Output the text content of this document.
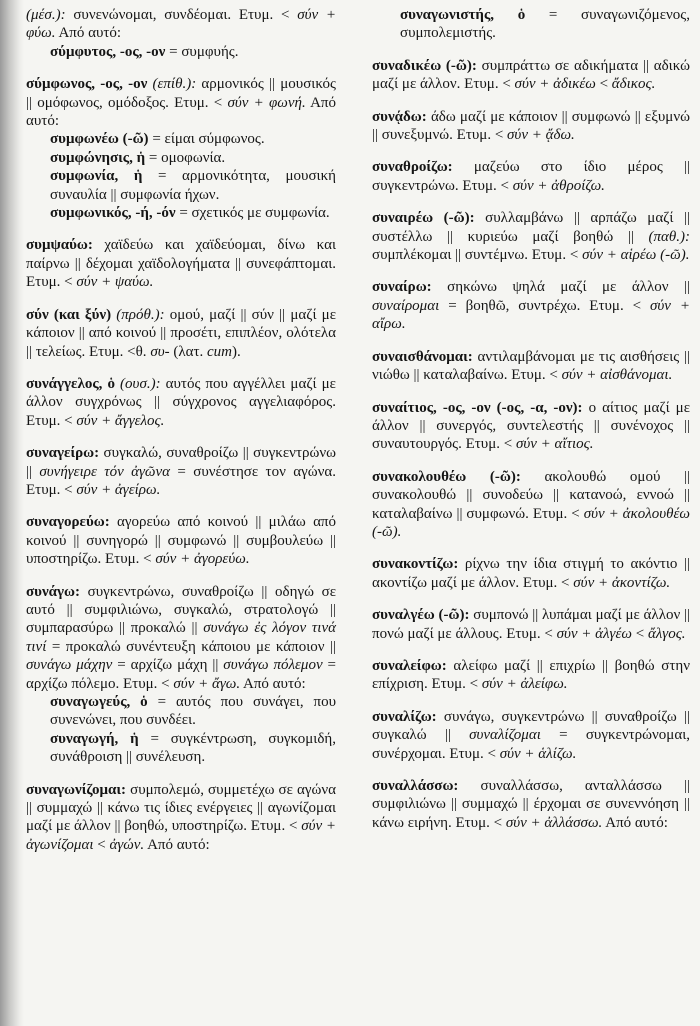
(μέσ.): συνενώνομαι, συνδέομαι. Ετυμ. < σύν + φύω. Από αυτό:
σύμφυτος, -ος, -ον = συμφυής.
σύμφωνος, -ος, -ον (επίθ.): αρμονικός || μουσικός || ομόφωνος, ομόδοξος. Ετυμ. < σύν + φωνή. Από αυτό:
συμφωνέω (-ῶ) = είμαι σύμφωνος.
συμφώνησις, ἡ = ομοφωνία.
συμφωνία, ἡ = αρμονικότητα, μουσική συναυλία || συμφωνία ήχων.
συμφωνικός, -ή, -όν = σχετικός με συμφωνία.
συμψαύω: χαϊδεύω και χαϊδεύομαι, δίνω και παίρνω || δέχομαι χαϊδολογήματα || συνεφάπτομαι. Ετυμ. < σύν + ψαύω.
σύν (και ξύν) (πρόθ.): ομού, μαζί || σύν || μαζί με κάποιον || από κοινού || προσέτι, επιπλέον, ολότελα || τελείως. Ετυμ. <θ. συ- (λατ. cum).
συνάγγελος, ὁ (ουσ.): αυτός που αγγέλλει μαζί με άλλον συγχρόνως || σύγχρονος αγγελιαφόρος. Ετυμ. < σύν + ἄγγελος.
συναγείρω: συγκαλώ, συναθροίζω || συγκεντρώνω || συνήγειρε τόν ἀγῶνα = συνέστησε τον αγώνα. Ετυμ. < σύν + ἀγείρω.
συναγορεύω: αγορεύω από κοινού || μιλάω από κοινού || συνηγορώ || συμφωνώ || συμβουλεύω || υποστηρίζω. Ετυμ. < σύν + ἀγορεύω.
συνάγω: συγκεντρώνω, συναθροίζω || οδηγώ σε αυτό || συμφιλιώνω, συγκαλώ, στρατολογώ || συμπαρασύρω || προκαλώ || συνάγω ἐς λόγον τινά τινί = προκαλώ συνέντευξη κάποιου με κάποιον || συνάγω μάχην = αρχίζω μάχη || συνάγω πόλεμον = αρχίζω πόλεμο. Ετυμ. < σύν + ἄγω. Από αυτό:
συναγωγεύς, ὁ = αυτός που συνάγει, που συνενώνει, που συνδέει.
συναγωγή, ἡ = συγκέντρωση, συγκομιδή, συνάθροιση || συνέλευση.
συναγωνίζομαι: συμπολεμώ, συμμετέχω σε αγώνα || συμμαχώ || κάνω τις ίδιες ενέργειες || αγωνίζομαι μαζί με άλλον || βοηθώ, υποστηρίζω. Ετυμ. < σύν + ἀγωνίζομαι < ἀγών. Από αυτό:
συναγωνιστής, ὁ = συναγωνιζόμενος, συμπολεμιστής.
συναδικέω (-ῶ): συμπράττω σε αδικήματα || αδικώ μαζί με άλλον. Ετυμ. < σύν + ἀδικέω < ἄδικος.
συνᾴδω: άδω μαζί με κάποιον || συμφωνώ || εξυμνώ || συνεξυμνώ. Ετυμ. < σύν + ᾄδω.
συναθροίζω: μαζεύω στο ίδιο μέρος || συγκεντρώνω. Ετυμ. < σύν + ἀθροίζω.
συναιρέω (-ῶ): συλλαμβάνω || αρπάζω μαζί || συστέλλω || κυριεύω μαζί βοηθώ || (παθ.): συμπλέκομαι || συντέμνω. Ετυμ. < σύν + αἱρέω (-ῶ).
συναίρω: σηκώνω ψηλά μαζί με άλλον || συναίρομαι = βοηθῶ, συντρέχω. Ετυμ. < σύν + αἴρω.
συναισθάνομαι: αντιλαμβάνομαι με τις αισθήσεις || νιώθω || καταλαβαίνω. Ετυμ. < σύν + αἰσθάνομαι.
συναίτιος, -ος, -ον (-ος, -α, -ον): ο αίτιος μαζί με άλλον || συνεργός, συντελεστής || συνένοχος || συναυτουργός. Ετυμ. < σύν + αἴτιος.
συνακολουθέω (-ῶ): ακολουθώ ομού || συνακολουθώ || συνοδεύω || κατανοώ, εννοώ || καταλαβαίνω || συμφωνώ. Ετυμ. < σύν + ἀκολουθέω (-ῶ).
συνακοντίζω: ρίχνω την ίδια στιγμή το ακόντιο || ακοντίζω μαζί με άλλον. Ετυμ. < σύν + ἀκοντίζω.
συναλγέω (-ῶ): συμπονώ || λυπάμαι μαζί με άλλον || πονώ μαζί με άλλους. Ετυμ. < σύν + ἀλγέω < ἄλγος.
συναλείφω: αλείφω μαζί || επιχρίω || βοηθώ στην επίχριση. Ετυμ. < σύν + ἀλείφω.
συναλίζω: συνάγω, συγκεντρώνω || συναθροίζω || συγκαλώ || συναλίζομαι = συγκεντρώνομαι, συνέρχομαι. Ετυμ. < σύν + ἁλίζω.
συναλλάσσω: συναλλάσσω, ανταλλάσσω || συμφιλιώνω || συμμαχώ || έρχομαι σε συνεννόηση || κάνω ειρήνη. Ετυμ. < σύν + ἀλλάσσω. Από αυτό:
